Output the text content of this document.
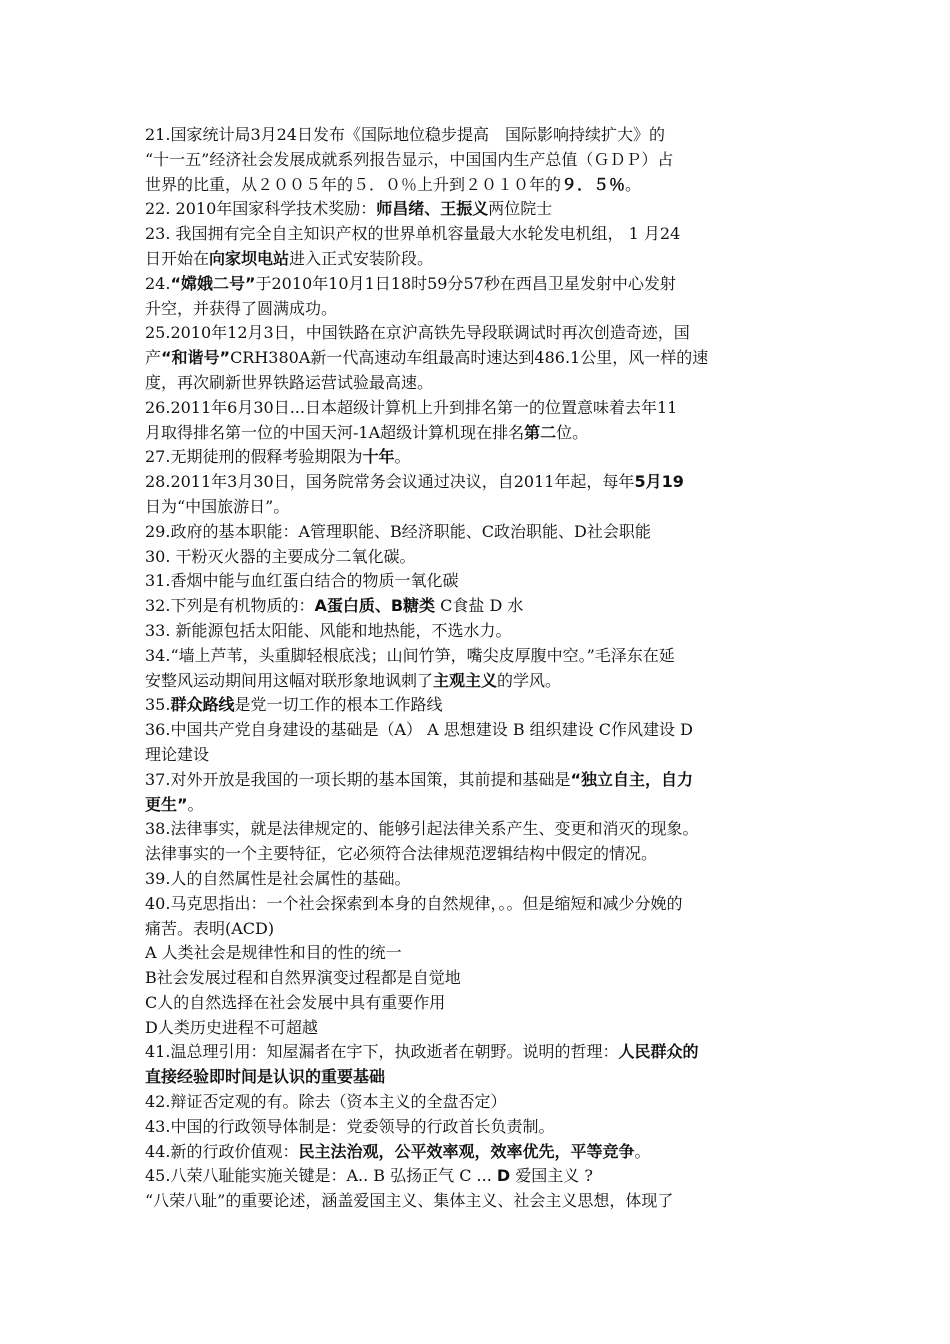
21.国家统计局3月24日发布《国际地位稳步提高　国际影响持续扩大》的
“十一五”经济社会发展成就系列报告显示，中国国内生产总值（ＧＤＰ）占
世界的比重，从２００５年的５．０％上升到２０１０年的９．５％。
22. 2010年国家科学技术奖励：师昌绪、王振义两位院士
23. 我国拥有完全自主知识产权的世界单机容量最大水轮发电机组， 1 月24
日开始在向家坝电站进入正式安装阶段。
24.“嫦娥二号”于2010年10月1日18时59分57秒在西昌卫星发射中心发射
升空，并获得了圆满成功。
25.2010年12月3日，中国铁路在京沪高铁先导段联调试时再次创造奇迹，国
产“和谐号”CRH380A新一代高速动车组最高时速达到486.1公里，风一样的速
度，再次刷新世界铁路运营试验最高速。
26.2011年6月30日...日本超级计算机上升到排名第一的位置意味着去年11
月取得排名第一位的中国天河-1A超级计算机现在排名第二位。
27.无期徒刑的假释考验期限为十年。
28.2011年3月30日，国务院常务会议通过决议，自2011年起，每年5月19
日为“中国旅游日”。
29.政府的基本职能：A管理职能、B经济职能、C政治职能、D社会职能
30. 干粉灭火器的主要成分二氧化碳。
31.香烟中能与血红蛋白结合的物质一氧化碳
32.下列是有机物质的：A蛋白质、B糖类 C食盐 D 水
33. 新能源包括太阳能、风能和地热能，不选水力。
34.“墙上芦苇，头重脚轻根底浅；山间竹笋，嘴尖皮厚腹中空。”毛泽东在延
安整风运动期间用这幅对联形象地讽刺了主观主义的学风。
35.群众路线是党一切工作的根本工作路线
36.中国共产党自身建设的基础是（A） A 思想建设 B 组织建设 C作风建设 D
理论建设
37.对外开放是我国的一项长期的基本国策，其前提和基础是“独立自主，自力
更生”。
38.法律事实，就是法律规定的、能够引起法律关系产生、变更和消灭的现象。
法律事实的一个主要特征，它必须符合法律规范逻辑结构中假定的情况。
39.人的自然属性是社会属性的基础。
40.马克思指出：一个社会探索到本身的自然规律，。。但是缩短和减少分娩的
痛苦。表明(ACD)
A 人类社会是规律性和目的性的统一
B社会发展过程和自然界演变过程都是自觉地
C人的自然选择在社会发展中具有重要作用
D人类历史进程不可超越
41.温总理引用：知屋漏者在宇下，执政逝者在朝野。说明的哲理：人民群众的
直接经验即时间是认识的重要基础
42.辩证否定观的有。除去（资本主义的全盘否定）
43.中国的行政领导体制是：党委领导的行政首长负责制。
44.新的行政价值观：民主法治观，公平效率观，效率优先，平等竞争。
45.八荣八耻能实施关键是：A.. B 弘扬正气 C ... D 爱国主义 ?
“八荣八耻”的重要论述，涵盖爱国主义、集体主义、社会主义思想，体现了
